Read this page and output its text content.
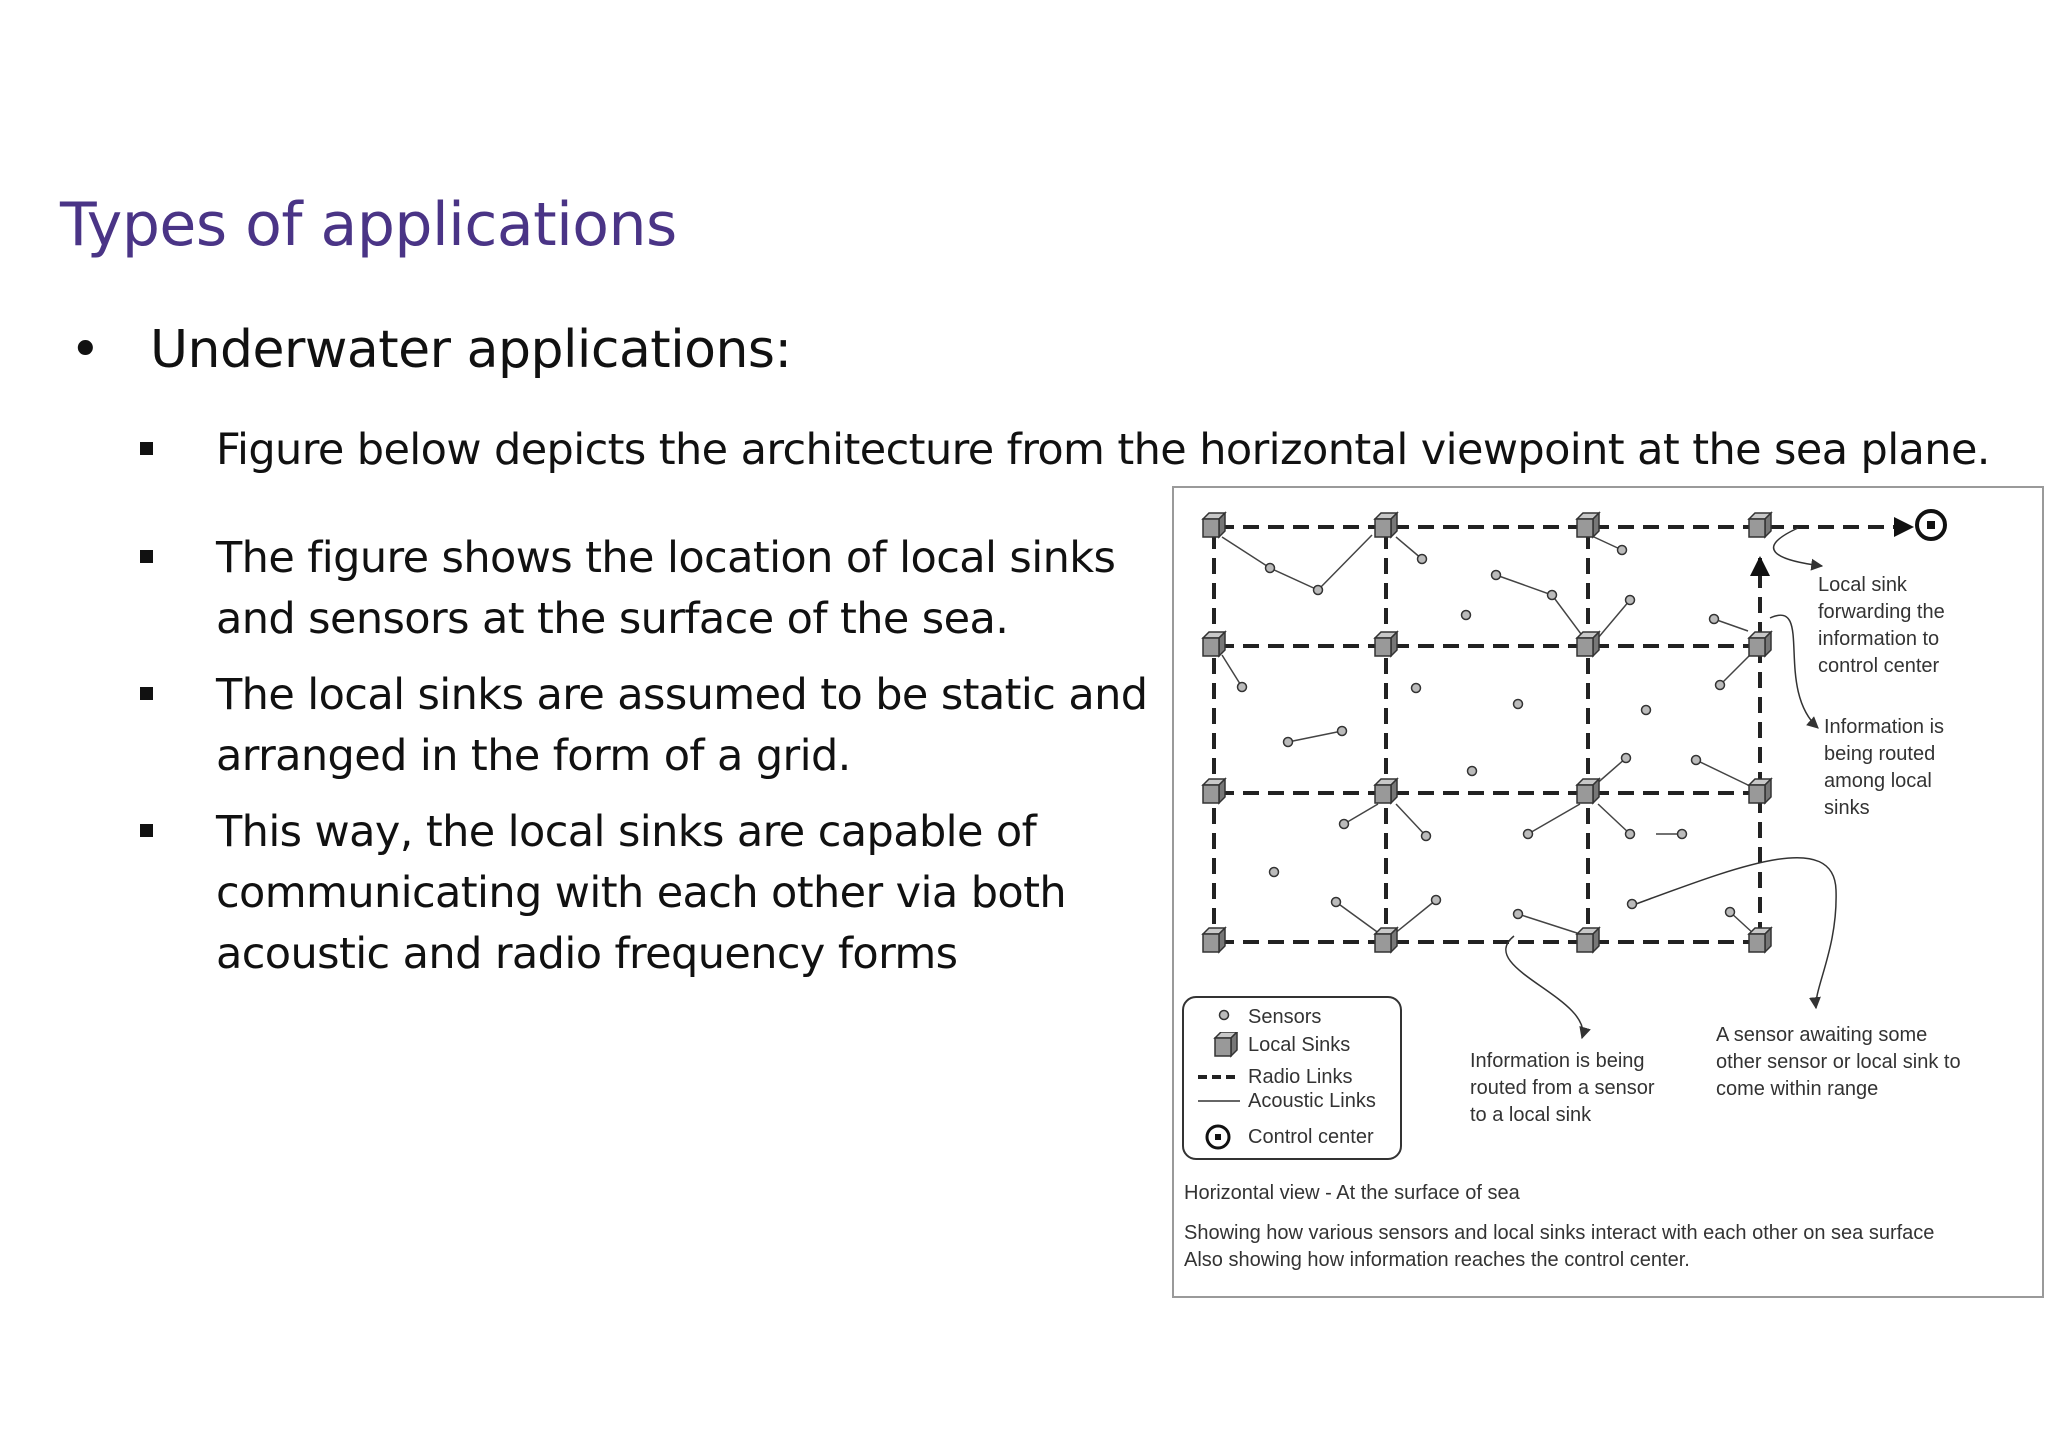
Types of applications
• Underwater applications:
Figure below depicts the architecture from the horizontal viewpoint at the sea plane.
The figure shows the location of local sinks
and sensors at the surface of the sea.
The local sinks are assumed to be static and
arranged in the form of a grid.
This way, the local sinks are capable of
communicating with each other via both
acoustic and radio frequency forms
Local sink
forwarding the
information to
control center
Information is
being routed
among local
sinks
Information is being
routed from a sensor
to a local sink
A sensor awaiting some
other sensor or local sink to
come within range
Sensors
Local Sinks
Radio Links
Acoustic Links
Control center
Horizontal view - At the surface of sea
Showing how various sensors and local sinks interact with each other on sea surface
Also showing how information reaches the control center.
